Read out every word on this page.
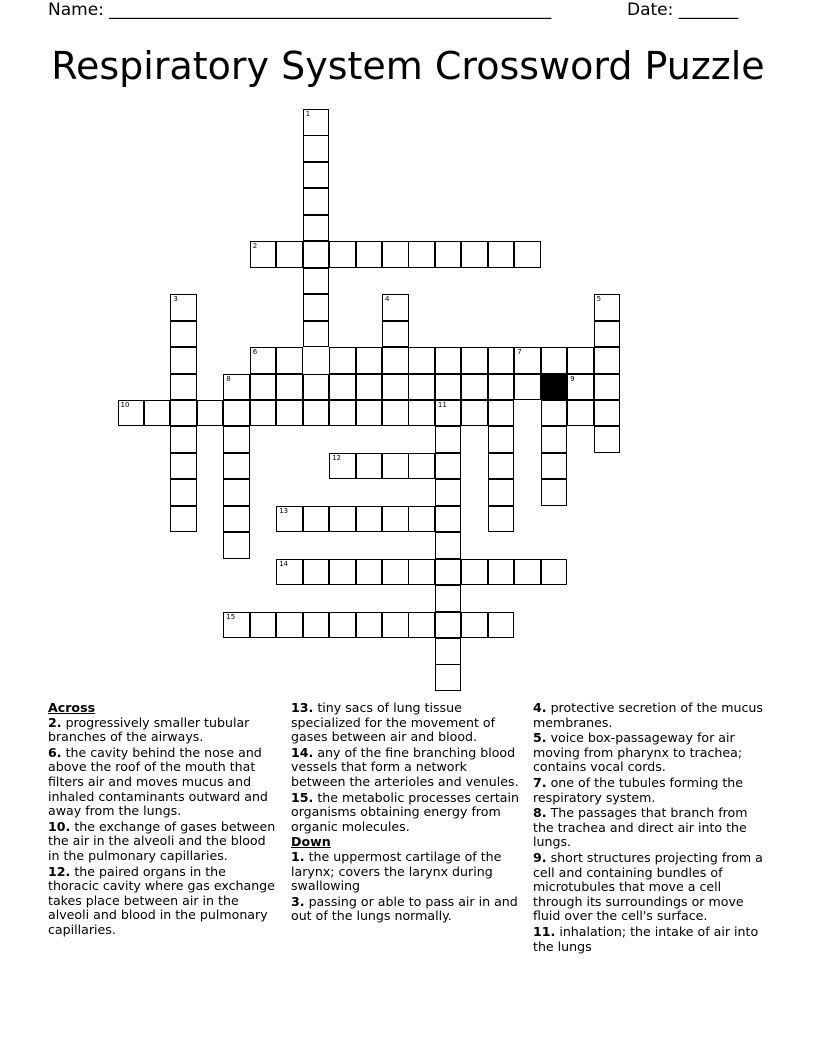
Name: ____________________________________________________	Date: _______
Respiratory System Crossword Puzzle
1
2
3	4	5
6	7
8	9
10	11
12
13
14
15
Across
2. progressively smaller tubular branches of the airways.
6. the cavity behind the nose and above the roof of the mouth that filters air and moves mucus and inhaled contaminants outward and away from the lungs.
10. the exchange of gases between the air in the alveoli and the blood in the pulmonary capillaries.
12. the paired organs in the thoracic cavity where gas exchange takes place between air in the alveoli and blood in the pulmonary capillaries.
13. tiny sacs of lung tissue specialized for the movement of gases between air and blood.
14. any of the fine branching blood vessels that form a network between the arterioles and venules.
15. the metabolic processes certain organisms obtaining energy from organic molecules.
Down
1. the uppermost cartilage of the larynx; covers the larynx during swallowing
3. passing or able to pass air in and out of the lungs normally.
4. protective secretion of the mucus membranes.
5. voice box-passageway for air moving from pharynx to trachea; contains vocal cords.
7. one of the tubules forming the respiratory system.
8. The passages that branch from the trachea and direct air into the lungs.
9. short structures projecting from a cell and containing bundles of microtubules that move a cell through its surroundings or move fluid over the cell's surface.
11. inhalation; the intake of air into the lungs
